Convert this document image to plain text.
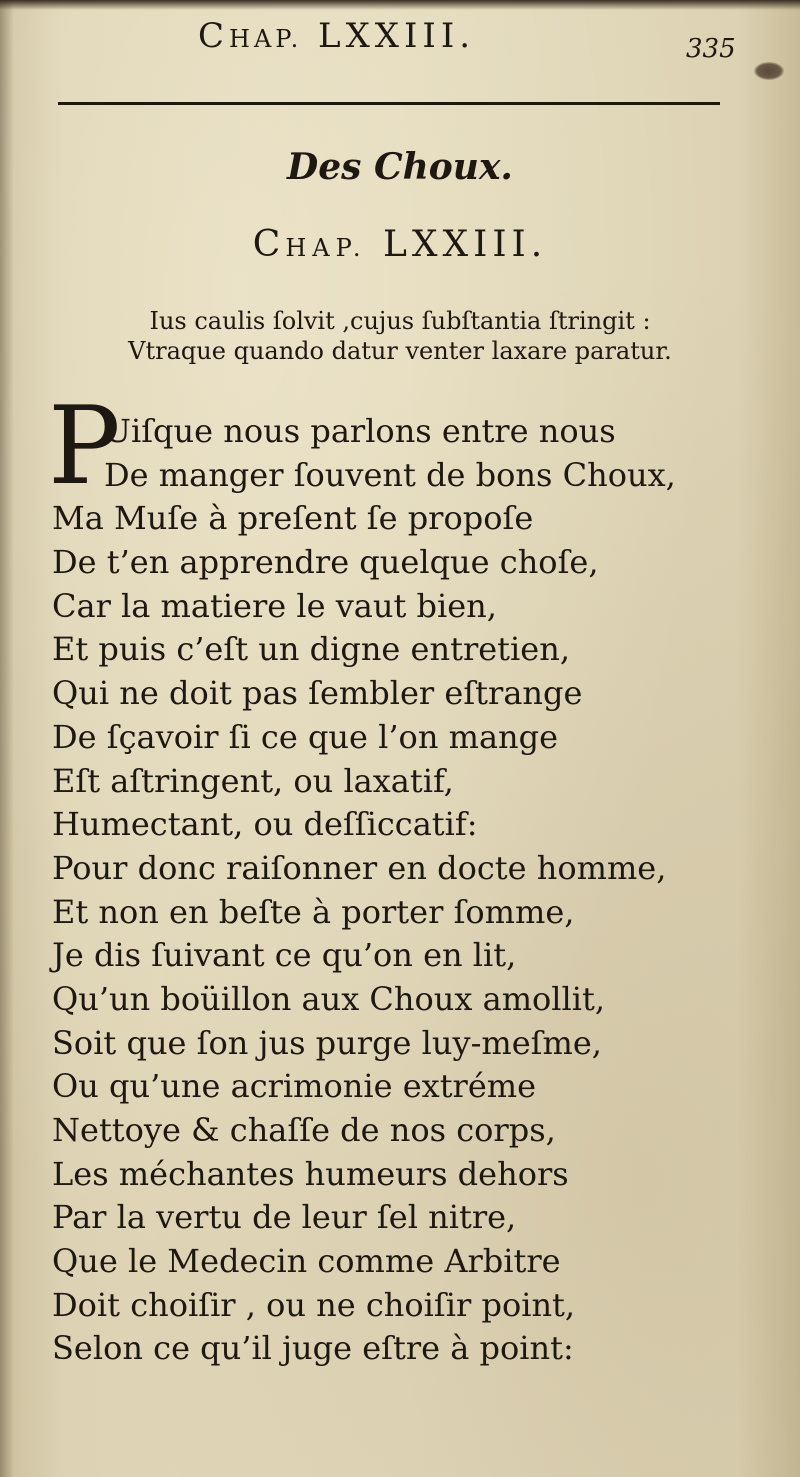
CHAP. LXXIII.	335
Des Choux.
CHAP. LXXIII.
Ius caulis ſolvit ,cujus ſubſtantia ſtringit :
Vtraque quando datur venter laxare paratur.
P
Uiſque nous parlons entre nous
De manger ſouvent de bons Choux,
Ma Muſe à preſent ſe propoſe
De t’en apprendre quelque choſe,
Car la matiere le vaut bien,
Et puis c’eſt un digne entretien,
Qui ne doit pas ſembler eſtrange
De ſçavoir ſi ce que l’on mange
Eſt aſtringent, ou laxatif,
Humectant, ou deſſiccatif:
Pour donc raiſonner en docte homme,
Et non en beſte à porter ſomme,
Je dis ſuivant ce qu’on en lit,
Qu’un boüillon aux Choux amollit,
Soit que ſon jus purge luy-meſme,
Ou qu’une acrimonie extréme
Nettoye & chaſſe de nos corps,
Les méchantes humeurs dehors
Par la vertu de leur ſel nitre,
Que le Medecin comme Arbitre
Doit choiſir , ou ne choiſir point,
Selon ce qu’il juge eſtre à point:
